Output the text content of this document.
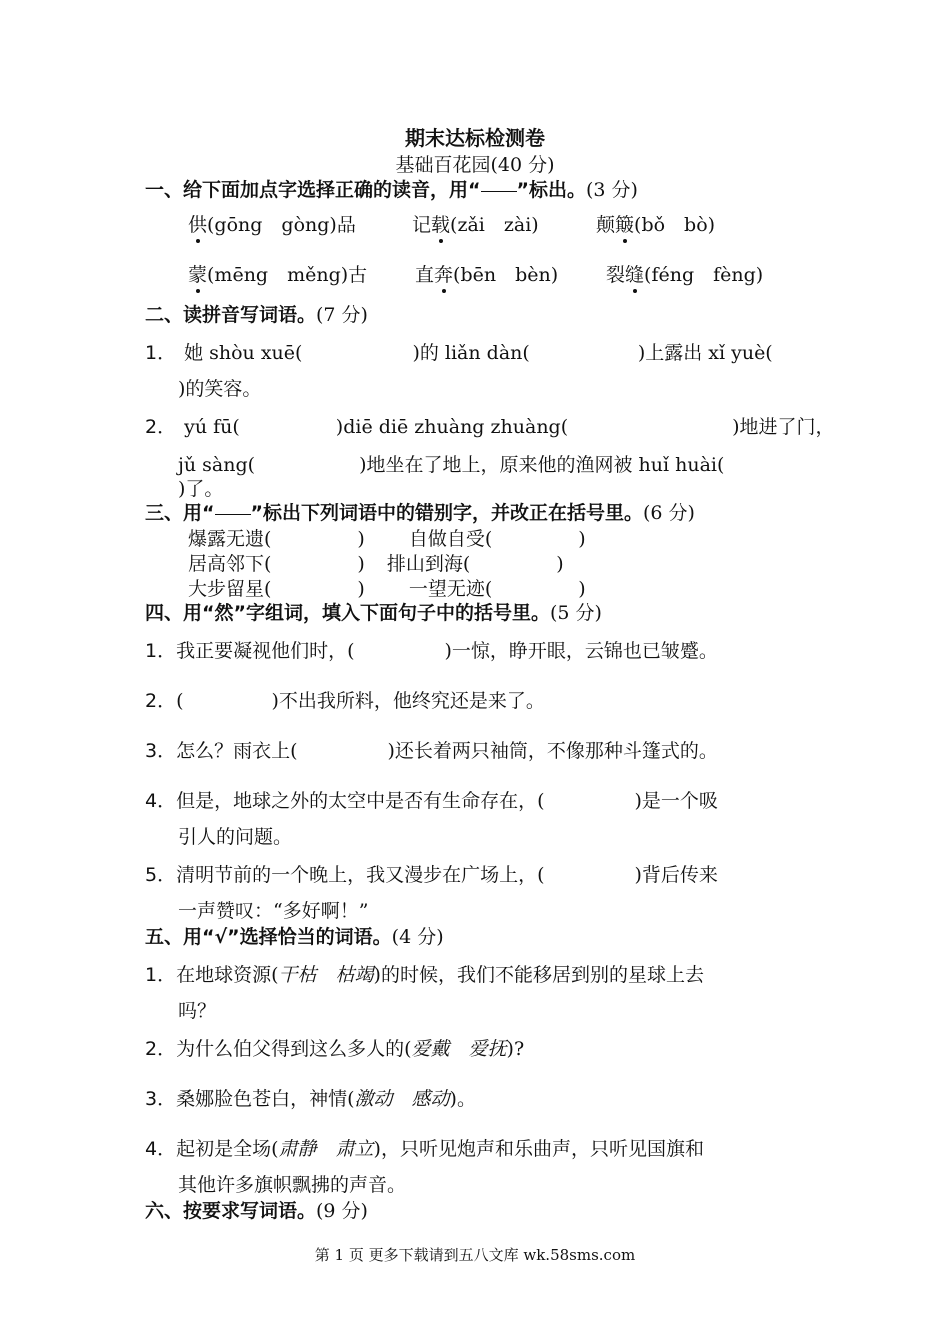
期末达标检测卷
基础百花园(40 分)
一、给下面加点字选择正确的读音，用“ ”标出。(3 分)
供(gōng　gòng)品	记载(zǎi　zài)	颠簸(bǒ　bò)
蒙(mēng　měng)古	直奔(bēn　bèn)	裂缝(féng　fèng)
二、读拼音写词语。(7 分)
1． 她 shòu xuē(	)的 liǎn dàn(	)上露出 xǐ yuè(
)的笑容。
2． yú fū(	)diē diē zhuàng zhuàng(	)地进了门，
jǔ sàng(	)地坐在了地上，原来他的渔网被 huǐ huài(
)了。
三、用“ ”标出下列词语中的错别字，并改正在括号里。(6 分)
爆露无遗(	) 自做自受(	)
居高邻下(	) 排山到海(	)
大步留星(	) 一望无迹(	)
四、用“然”字组词，填入下面句子中的括号里。(5 分)
1．我正要凝视他们时，(	)一惊，睁开眼，云锦也已皱蹙。
2．(	)不出我所料，他终究还是来了。
3．怎么？雨衣上(	)还长着两只袖筒，不像那种斗篷式的。
4．但是，地球之外的太空中是否有生命存在，(	)是一个吸
引人的问题。
5．清明节前的一个晚上，我又漫步在广场上，(	)背后传来
一声赞叹：“多好啊！”
五、用“√”选择恰当的词语。(4 分)
1．在地球资源(干枯　枯竭)的时候，我们不能移居到别的星球上去
吗？
2．为什么伯父得到这么多人的(爱戴　爱抚)?
3．桑娜脸色苍白，神情(激动　感动)。
4．起初是全场(肃静　肃立)，只听见炮声和乐曲声，只听见国旗和
其他许多旗帜飘拂的声音。
六、按要求写词语。(9 分)
第 1 页 更多下载请到五八文库 wk.58sms.com
